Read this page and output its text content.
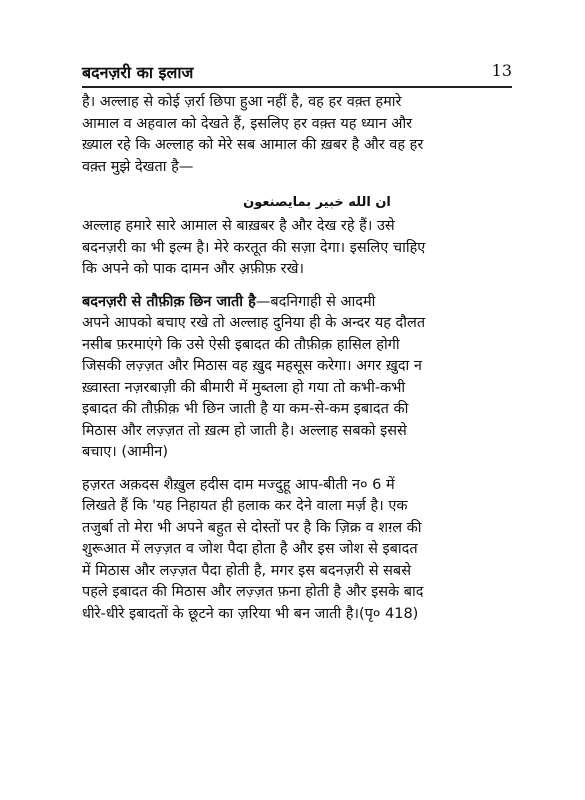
बदनज़री का इलाज	13

है। अल्लाह से कोई ज़र्रा छिपा हुआ नहीं है, वह हर वक़्त हमारे
आमाल व अहवाल को देखते हैं, इसलिए हर वक़्त यह ध्यान और
ख़्याल रहे कि अल्लाह को मेरे सब आमाल की ख़बर है और वह हर
वक़्त मुझे देखता है—

ان الله خبير بمايصنعون

अल्लाह हमारे सारे आमाल से बाख़बर है और देख रहे हैं। उसे
बदनज़री का भी इल्म है। मेरे करतूत की सज़ा देगा। इसलिए चाहिए
कि अपने को पाक दामन और अ़फ़ीफ़ रखे।

बदनज़री से तौफ़ीक़ छिन जाती है—बदनिगाही से आदमी
अपने आपको बचाए रखे तो अल्लाह दुनिया ही के अन्दर यह दौलत
नसीब फ़रमाएंगे कि उसे ऐसी इबादत की तौफ़ीक़ हासिल होगी
जिसकी लज़्ज़त और मिठास वह ख़ुद महसूस करेगा। अगर ख़ुदा न
ख़्वास्ता नज़रबाज़ी की बीमारी में मुब्तला हो गया तो कभी-कभी
इबादत की तौफ़ीक़ भी छिन जाती है या कम-से-कम इबादत की
मिठास और लज़्ज़त तो ख़त्म हो जाती है। अल्लाह सबको इससे
बचाए। (आमीन)

हज़रत अक़दस शैख़ुल हदीस दाम मज्दुहू आप-बीती न० 6 में
लिखते हैं कि 'यह निहायत ही हलाक कर देने वाला मर्ज़ है। एक
तजुर्बा तो मेरा भी अपने बहुत से दोस्तों पर है कि ज़िक्र व शग़्ल की
शुरूआत में लज़्ज़त व जोश पैदा होता है और इस जोश से इबादत
में मिठास और लज़्ज़त पैदा होती है, मगर इस बदनज़री से सबसे
पहले इबादत की मिठास और लज़्ज़त फ़ना होती है और इसके बाद
धीरे-धीरे इबादतों के छूटने का ज़रिया भी बन जाती है।(पृ० 418)
